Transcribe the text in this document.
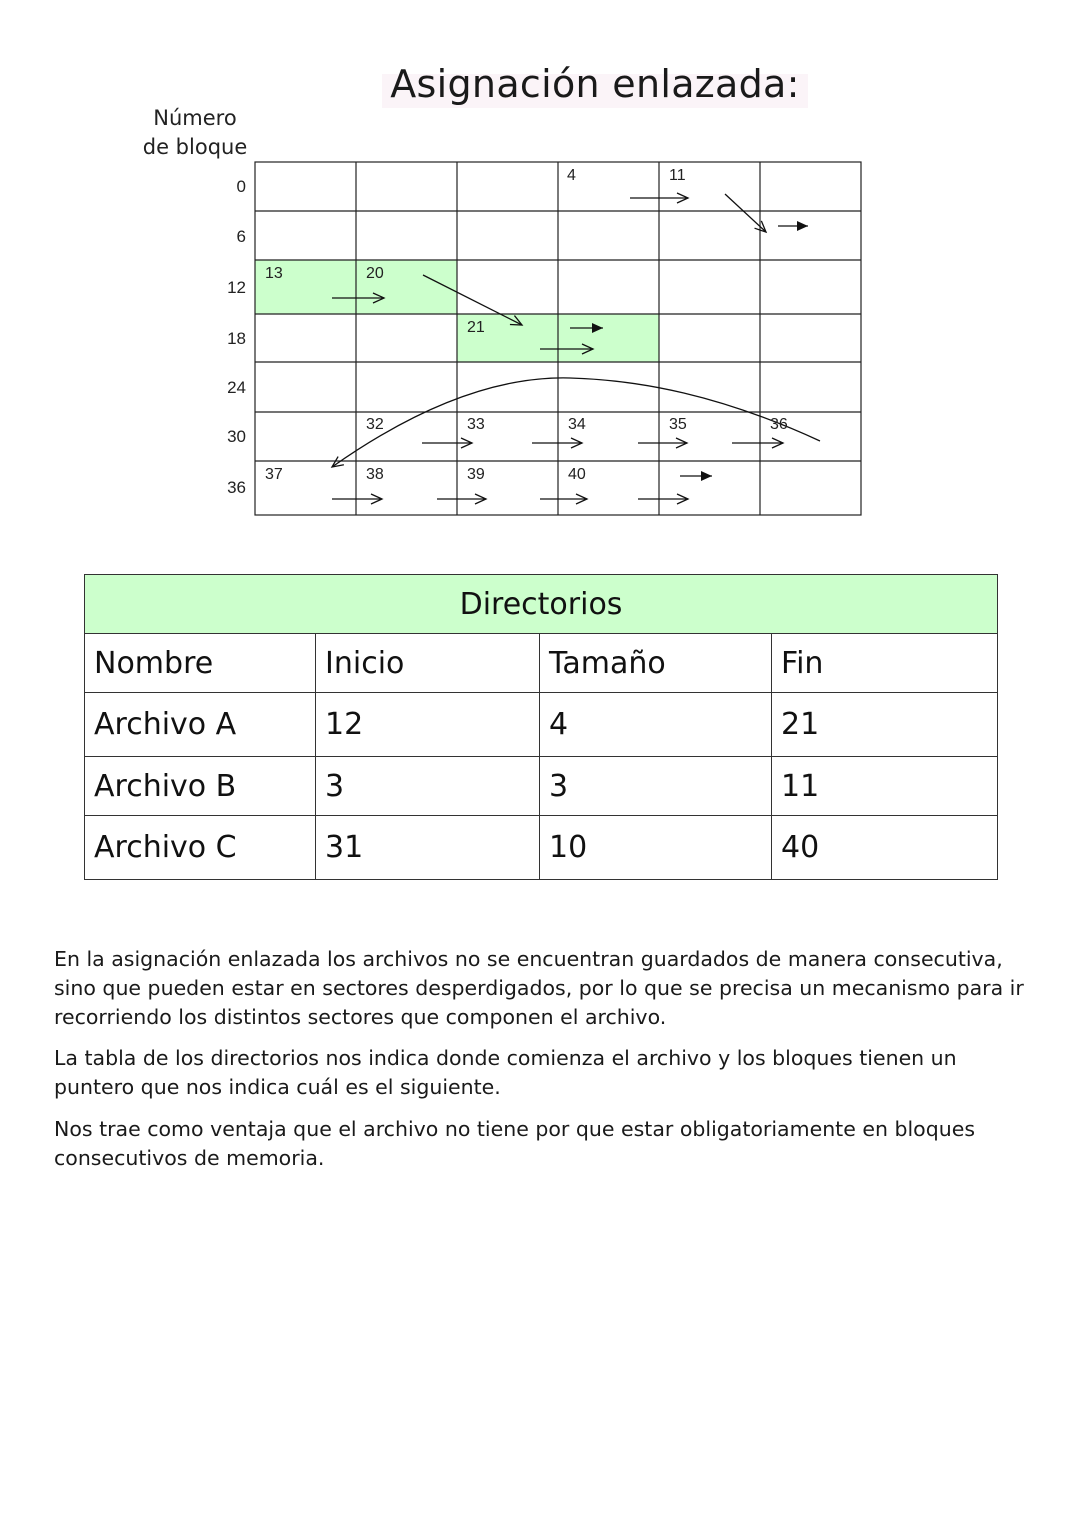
Asignación enlazada:
Número
de bloque
0
6
12
18
24
30
36
4	11
13	20
21
32	33	34	35	36
37	38	39	40
Directorios			
Nombre	Inicio	Tamaño	Fin
Archivo A	12	4	21
Archivo B	3	3	11
Archivo C	31	10	40

En la asignación enlazada los archivos no se encuentran guardados de manera consecutiva, sino que pueden estar en sectores desperdigados, por lo que se precisa un mecanismo para ir recorriendo los distintos sectores que componen el archivo.

La tabla de los directorios nos indica donde comienza el archivo y los bloques tienen un puntero que nos indica cuál es el siguiente.

Nos trae como ventaja que el archivo no tiene por que estar obligatoriamente en bloques consecutivos de memoria.
